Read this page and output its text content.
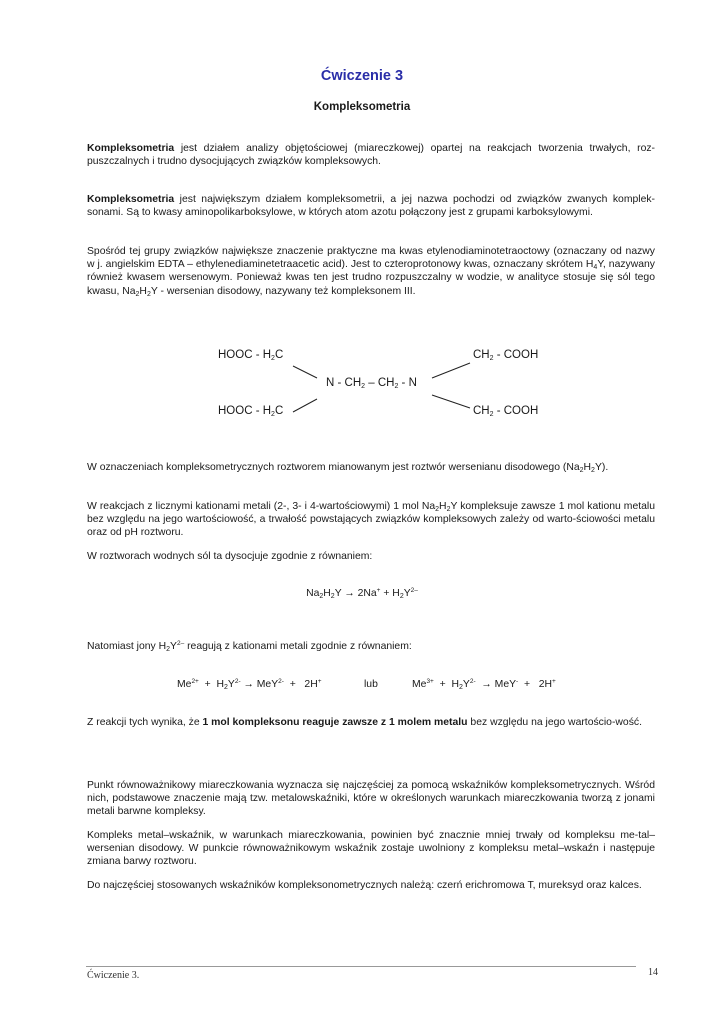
Ćwiczenie 3
Kompleksometria
Kompleksometria jest działem analizy objętościowej (miareczkowej) opartej na reakcjach tworzenia trwałych, roz-puszczalnych i trudno dysocjujących związków kompleksowych.
Kompleksometria jest największym działem kompleksometrii, a jej nazwa pochodzi od związków zwanych komplek-sonami. Są to kwasy aminopolikarboksylowe, w których atom azotu połączony jest z grupami karboksylowymi.
Spośród tej grupy związków największe znaczenie praktyczne ma kwas etylenodiaminotetraoctowy (oznaczany od nazwy w j. angielskim EDTA – ethylenediaminetetraacetic acid). Jest to czteroprotonowy kwas, oznaczany skrótem $H_4Y$, nazywany również kwasem wersenowym. Ponieważ kwas ten jest trudno rozpuszczalny w wodzie, w analityce stosuje się sól tego kwasu, $Na_2H_2Y$ - wersenian disodowy, nazywany też kompleksonem III.
HOOC - $H_2C$
HOOC - $H_2C$
$CH_2$ - COOH
$CH_2$ - COOH
N - $CH_2 - CH_2$ - N
W oznaczeniach kompleksometrycznych roztworem mianowanym jest roztwór wersenianu disodowego $(Na_2H_2Y)$.
W reakcjach z licznymi kationami metali (2-, 3- i 4-wartościowymi) 1 mol $Na_2H_2Y$ kompleksuje zawsze 1 mol kationu metalu bez względu na jego wartościowość, a trwałość powstających związków kompleksowych zależy od warto-ściowości metalu oraz od pH roztworu.
W roztworach wodnych sól ta dysocjuje zgodnie z równaniem:
$Na_2H_2Y \to 2Na^+ + H_2Y^{2-}$
Natomiast jony $H_2Y^{2-}$ reagują z kationami metali zgodnie z równaniem:
$Me^{2+} + H_2Y^{2-} \to MeY^{2-} + 2H^+$	lub	$Me^{3+} + H_2Y^{2-} \to MeY^- + 2H^+$
Z reakcji tych wynika, że 1 mol kompleksonu reaguje zawsze z 1 molem metalu bez względu na jego wartościo-wość.
Punkt równoważnikowy miareczkowania wyznacza się najczęściej za pomocą wskaźników kompleksometrycznych. Wśród nich, podstawowe znaczenie mają tzw. metalowskaźniki, które w określonych warunkach miareczkowania tworzą z jonami metali barwne kompleksy.
Kompleks metal–wskaźnik, w warunkach miareczkowania, powinien być znacznie mniej trwały od kompleksu me-tal–wersenian disodowy. W punkcie równoważnikowym wskaźnik zostaje uwolniony z kompleksu metal–wskaźn i następuje zmiana barwy roztworu.
Do najczęściej stosowanych wskaźników kompleksonometrycznych należą: czerń erichromowa T, mureksyd oraz kalces.
Ćwiczenie 3.	14
